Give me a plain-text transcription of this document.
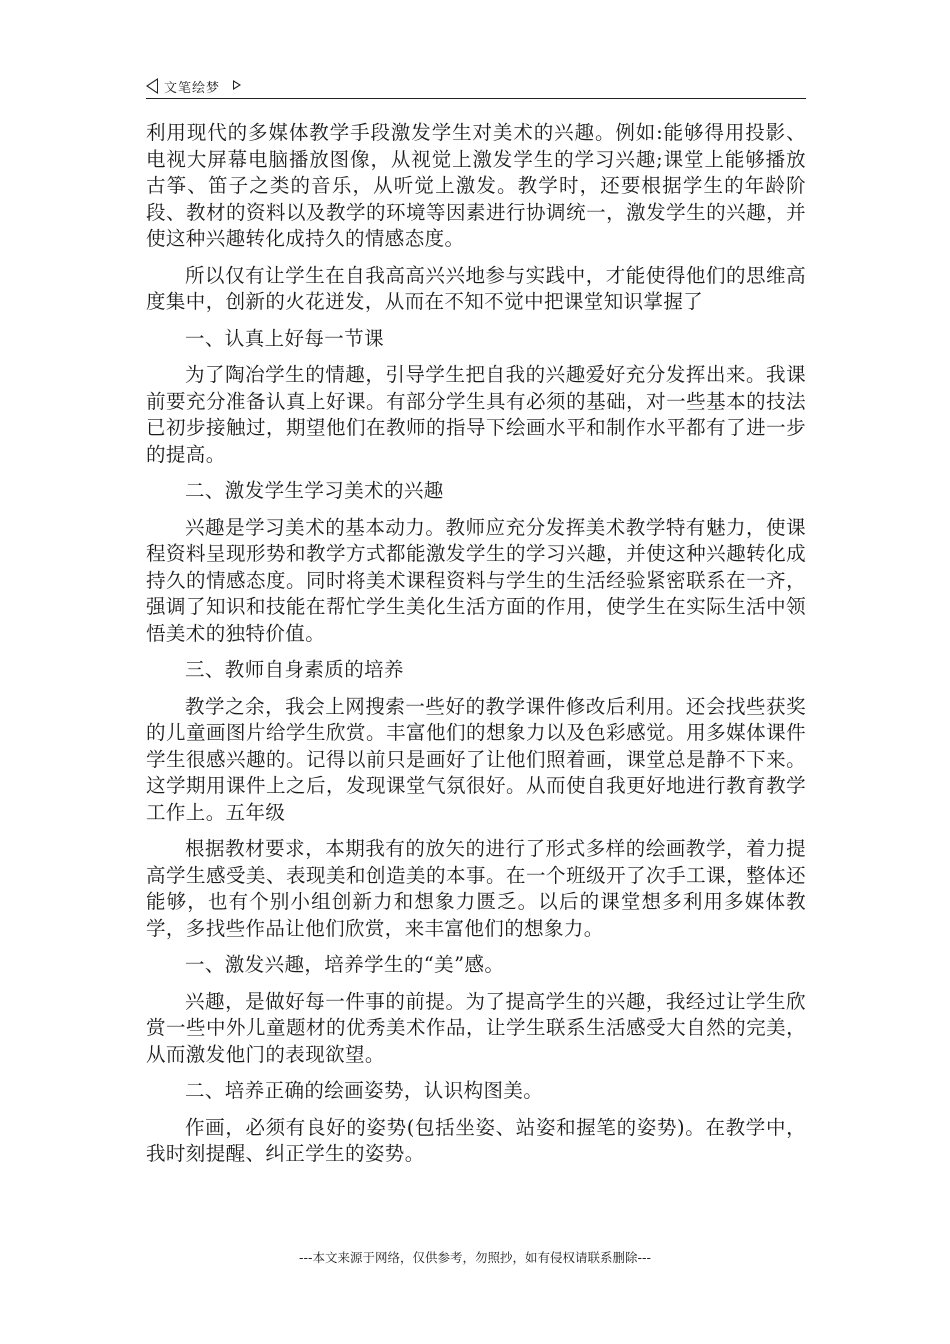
文笔绘梦

利用现代的多媒体教学手段激发学生对美术的兴趣。例如:能够得用投影、电视大屏幕电脑播放图像，从视觉上激发学生的学习兴趣;课堂上能够播放古筝、笛子之类的音乐，从听觉上激发。教学时，还要根据学生的年龄阶段、教材的资料以及教学的环境等因素进行协调统一，激发学生的兴趣，并使这种兴趣转化成持久的情感态度。

所以仅有让学生在自我高高兴兴地参与实践中，才能使得他们的思维高度集中，创新的火花迸发，从而在不知不觉中把课堂知识掌握了

一、认真上好每一节课

为了陶冶学生的情趣，引导学生把自我的兴趣爱好充分发挥出来。我课前要充分准备认真上好课。有部分学生具有必须的基础，对一些基本的技法已初步接触过，期望他们在教师的指导下绘画水平和制作水平都有了进一步的提高。

二、激发学生学习美术的兴趣

兴趣是学习美术的基本动力。教师应充分发挥美术教学特有魅力，使课程资料呈现形势和教学方式都能激发学生的学习兴趣，并使这种兴趣转化成持久的情感态度。同时将美术课程资料与学生的生活经验紧密联系在一齐，强调了知识和技能在帮忙学生美化生活方面的作用，使学生在实际生活中领悟美术的独特价值。

三、教师自身素质的培养

教学之余，我会上网搜索一些好的教学课件修改后利用。还会找些获奖的儿童画图片给学生欣赏。丰富他们的想象力以及色彩感觉。用多媒体课件学生很感兴趣的。记得以前只是画好了让他们照着画，课堂总是静不下来。这学期用课件上之后，发现课堂气氛很好。从而使自我更好地进行教育教学工作上。五年级

根据教材要求，本期我有的放矢的进行了形式多样的绘画教学，着力提高学生感受美、表现美和创造美的本事。在一个班级开了次手工课，整体还能够，也有个别小组创新力和想象力匮乏。以后的课堂想多利用多媒体教学，多找些作品让他们欣赏，来丰富他们的想象力。

一、激发兴趣，培养学生的“美”感。

兴趣，是做好每一件事的前提。为了提高学生的兴趣，我经过让学生欣赏一些中外儿童题材的优秀美术作品，让学生联系生活感受大自然的完美，从而激发他门的表现欲望。

二、培养正确的绘画姿势，认识构图美。

作画，必须有良好的姿势(包括坐姿、站姿和握笔的姿势)。在教学中，我时刻提醒、纠正学生的姿势。

---本文来源于网络，仅供参考，勿照抄，如有侵权请联系删除---
